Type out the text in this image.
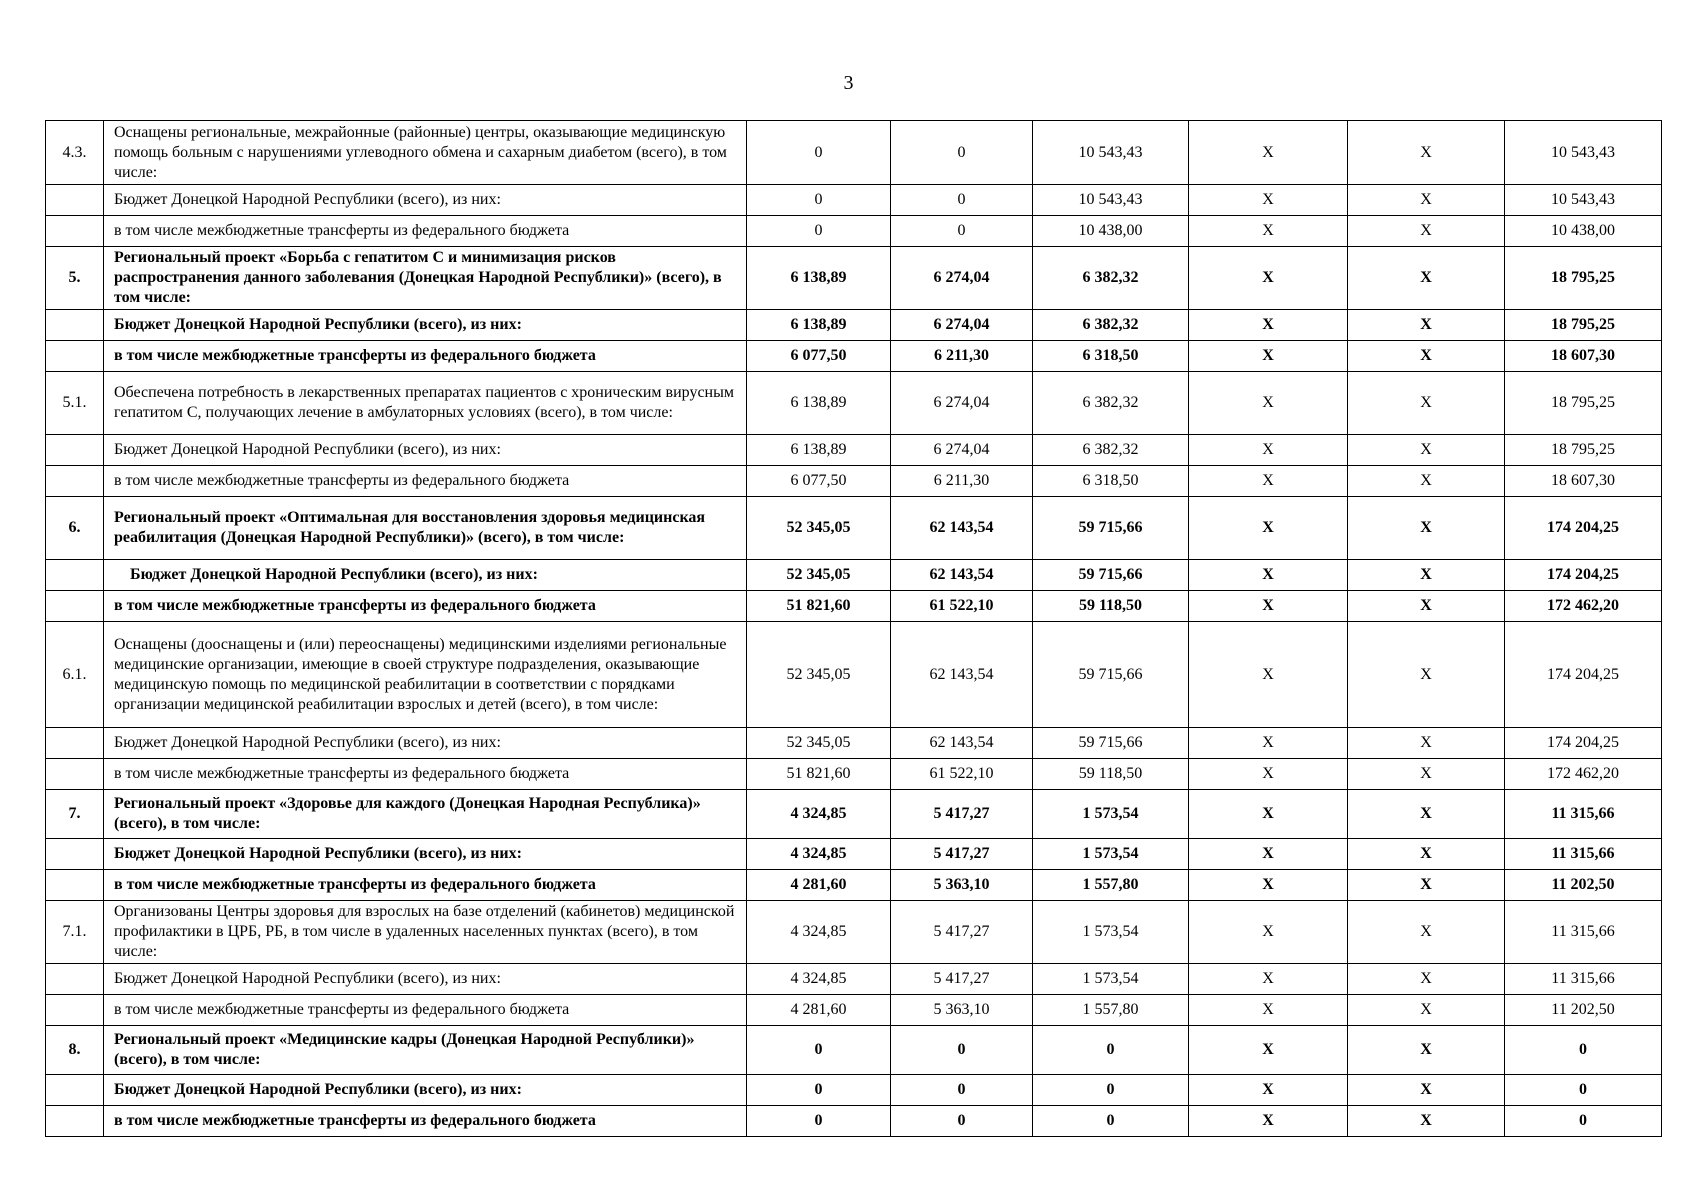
3
4.3.	Оснащены региональные, межрайонные (районные) центры, оказывающие медицинскую помощь больным с нарушениями углеводного обмена и сахарным диабетом (всего), в том числе:	0	0	10 543,43	X	X	10 543,43
	Бюджет Донецкой Народной Республики (всего), из них:	0	0	10 543,43	X	X	10 543,43
	в том числе межбюджетные трансферты из федерального бюджета	0	0	10 438,00	X	X	10 438,00
5.	Региональный проект «Борьба с гепатитом С и минимизация рисков распространения данного заболевания (Донецкая Народной Республики)» (всего), в том числе:	6 138,89	6 274,04	6 382,32	X	X	18 795,25
	Бюджет Донецкой Народной Республики (всего), из них:	6 138,89	6 274,04	6 382,32	X	X	18 795,25
	в том числе межбюджетные трансферты из федерального бюджета	6 077,50	6 211,30	6 318,50	X	X	18 607,30
5.1.	Обеспечена потребность в лекарственных препаратах пациентов с хроническим вирусным гепатитом С, получающих лечение в амбулаторных условиях (всего), в том числе:	6 138,89	6 274,04	6 382,32	X	X	18 795,25
	Бюджет Донецкой Народной Республики (всего), из них:	6 138,89	6 274,04	6 382,32	X	X	18 795,25
	в том числе межбюджетные трансферты из федерального бюджета	6 077,50	6 211,30	6 318,50	X	X	18 607,30
6.	Региональный проект «Оптимальная для восстановления здоровья медицинская реабилитация (Донецкая Народной Республики)» (всего), в том числе:	52 345,05	62 143,54	59 715,66	X	X	174 204,25
	Бюджет Донецкой Народной Республики (всего), из них:	52 345,05	62 143,54	59 715,66	X	X	174 204,25
	в том числе межбюджетные трансферты из федерального бюджета	51 821,60	61 522,10	59 118,50	X	X	172 462,20
6.1.	Оснащены (дооснащены и (или) переоснащены) медицинскими изделиями региональные медицинские организации, имеющие в своей структуре подразделения, оказывающие медицинскую помощь по медицинской реабилитации в соответствии с порядками организации медицинской реабилитации взрослых и детей (всего), в том числе:	52 345,05	62 143,54	59 715,66	X	X	174 204,25
	Бюджет Донецкой Народной Республики (всего), из них:	52 345,05	62 143,54	59 715,66	X	X	174 204,25
	в том числе межбюджетные трансферты из федерального бюджета	51 821,60	61 522,10	59 118,50	X	X	172 462,20
7.	Региональный проект «Здоровье для каждого (Донецкая Народная Республика)» (всего), в том числе:	4 324,85	5 417,27	1 573,54	X	X	11 315,66
	Бюджет Донецкой Народной Республики (всего), из них:	4 324,85	5 417,27	1 573,54	X	X	11 315,66
	в том числе межбюджетные трансферты из федерального бюджета	4 281,60	5 363,10	1 557,80	X	X	11 202,50
7.1.	Организованы Центры здоровья для взрослых на базе отделений (кабинетов) медицинской профилактики в ЦРБ, РБ, в том числе в удаленных населенных пунктах (всего), в том числе:	4 324,85	5 417,27	1 573,54	X	X	11 315,66
	Бюджет Донецкой Народной Республики (всего), из них:	4 324,85	5 417,27	1 573,54	X	X	11 315,66
	в том числе межбюджетные трансферты из федерального бюджета	4 281,60	5 363,10	1 557,80	X	X	11 202,50
8.	Региональный проект «Медицинские кадры (Донецкая Народной Республики)» (всего), в том числе:	0	0	0	X	X	0
	Бюджет Донецкой Народной Республики (всего), из них:	0	0	0	X	X	0
	в том числе межбюджетные трансферты из федерального бюджета	0	0	0	X	X	0
